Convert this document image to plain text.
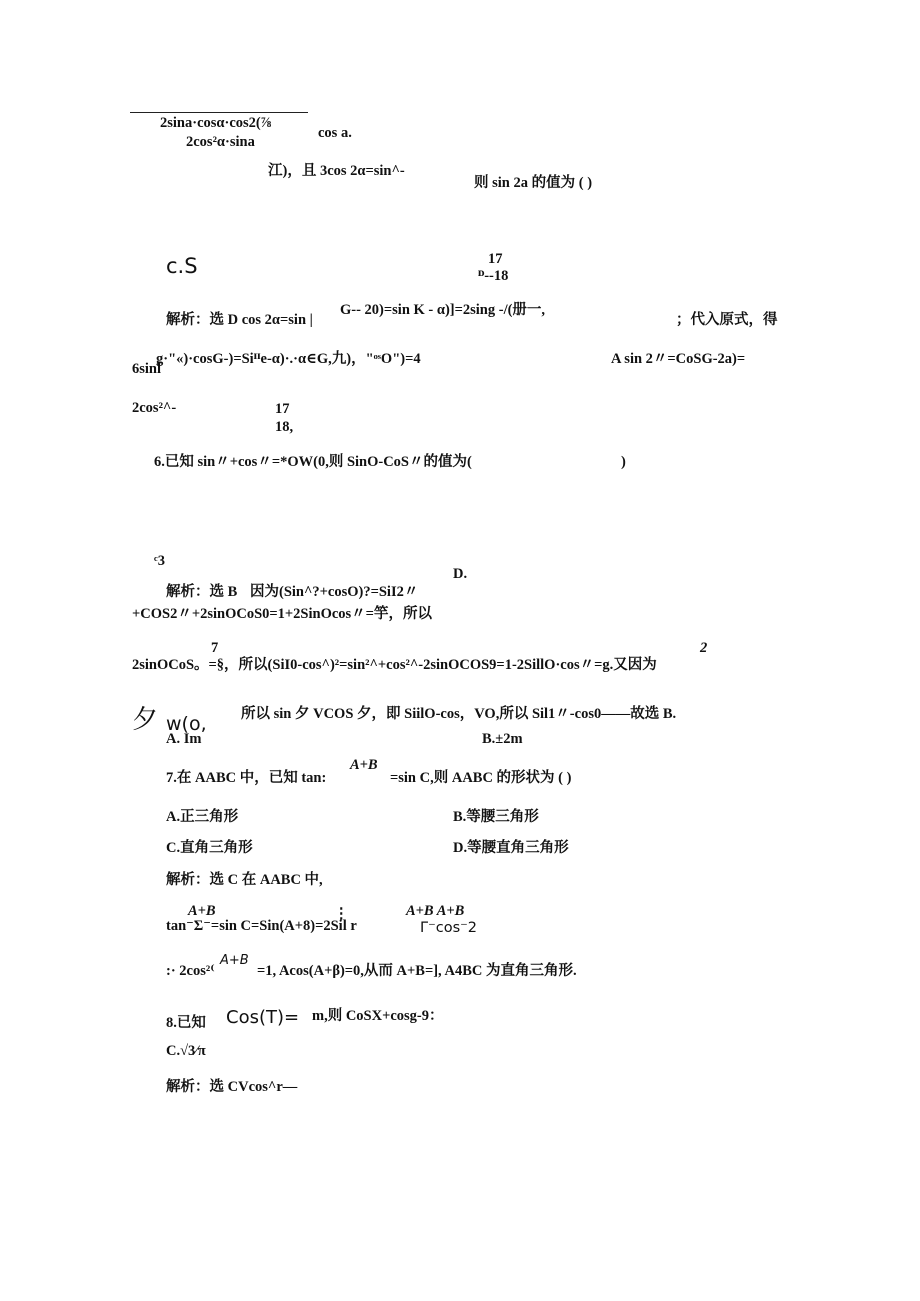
2sina·cosα·cos2(⅞
2cos²α·sina
cos a.
江)，且 3cos 2α=sin^-
则 sin 2a 的值为 ( )
c.S	17
ᴰ--18
解析：选 D cos 2α=sin |
G-- 20)=sin K - α)]=2sing -/(册一,
；代入原式，得
g·"«)·cosG-)=Siᴵᴵe-α)·.·α∈G,九)，"ᵒˢO")=4
6sinl
A sin 2〃=CoSG-2a)=
2cos²^-	17
18,
6.已知 sin〃+cos〃=*OW(0,则 SinO-CoS〃的值为(	)
ᶜ3
D.
解析：选 B 因为(Sin^?+cosO)?=SiI2〃
+COS2〃+2sinOCoS0=1+2SinOcos〃=竽，所以
7
2sinOCoS。=§，所以(SiI0-cos^)²=sin²^+cos²^-2sinOCOS9=1-2SillO·cos〃=g.又因为
2
夕 w(o, 所以 sin 夕 VCOS 夕，即 SiilO-cos，VO,所以 Sil1〃-cos0——故选 B.
A. Im	B.±2m
7.在 AABC 中，已知 tan:
A+B
=sin C,则 AABC 的形状为 ( )
A.正三角形	B.等腰三角形
C.直角三角形	D.等腰直角三角形
解析：选 C 在 ΑABC 中,
A+B
tan⁻Σ⁻=sin C=Sin(A+8)=2Sil r
⋮	A+B A+B
Γ⁻cos⁻2
:· 2cos²⁽
A+B
=1, Αcos(A+β)=0,从而 A+B=], A4BC 为直角三角形.
8.已知 Cos(T)= m,则 CoSX+cosg-9：
C.√3∕π
解析：选 CVcos^r—
